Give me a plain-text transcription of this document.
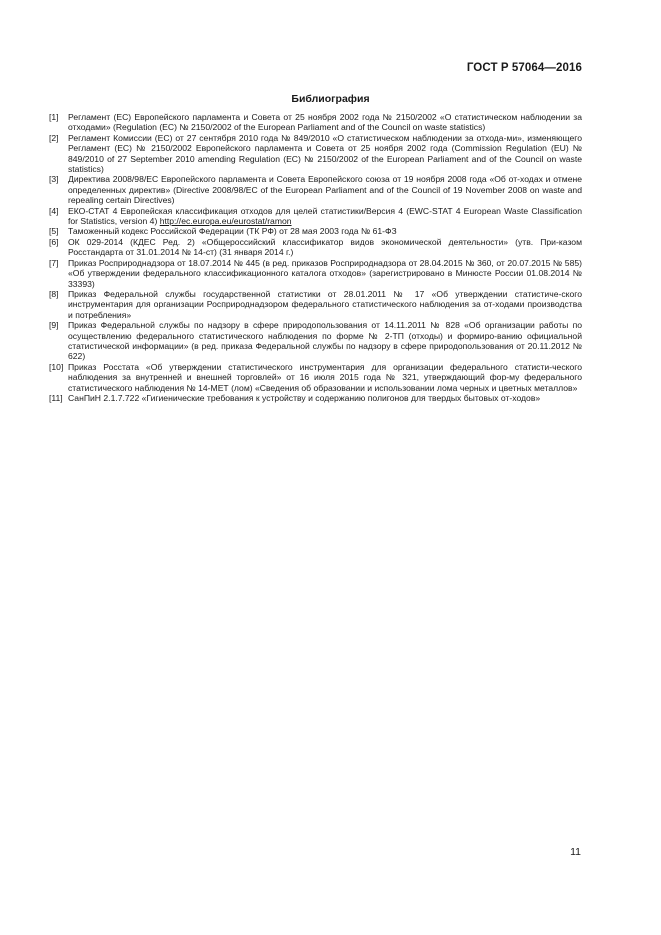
ГОСТ Р 57064—2016
Библиография
[1]	Регламент (ЕС) Европейского парламента и Совета от 25 ноября 2002 года № 2150/2002 «О статистическом наблюдении за отходами» (Regulation (EC) № 2150/2002 of the European Parliament and of the Council on waste statistics)
[2]	Регламент Комиссии (ЕС) от 27 сентября 2010 года № 849/2010 «О статистическом наблюдении за отхода-ми», изменяющего Регламент (ЕС) № 2150/2002 Европейского парламента и Совета от 25 ноября 2002 года (Commission Regulation (EU) № 849/2010 of 27 September 2010 amending Regulation (EC) № 2150/2002 of the European Parliament and of the Council on waste statistics)
[3]	Директива 2008/98/ЕС Европейского парламента и Совета Европейского союза от 19 ноября 2008 года «Об от-ходах и отмене определенных директив» (Directive 2008/98/EC of the European Parliament and of the Council of 19 November 2008 on waste and repealing certain Directives)
[4]	ЕКО-СТАТ 4 Европейская классификация отходов для целей статистики/Версия 4 (EWC-STAT 4 European Waste Classification for Statistics, version 4) http://ec.europa.eu/eurostat/ramon
[5]	Таможенный кодекс Российской Федерации (ТК РФ) от 28 мая 2003 года № 61-ФЗ
[6]	ОК 029-2014 (КДЕС Ред. 2) «Общероссийский классификатор видов экономической деятельности» (утв. При-казом Росстандарта от 31.01.2014 № 14-ст) (31 января 2014 г.)
[7]	Приказ Росприроднадзора от 18.07.2014 № 445 (в ред. приказов Росприроднадзора от 28.04.2015 № 360, от 20.07.2015 № 585) «Об утверждении федерального классификационного каталога отходов» (зарегистрировано в Минюсте России 01.08.2014 № 33393)
[8]	Приказ Федеральной службы государственной статистики от 28.01.2011 № 17 «Об утверждении статистиче-ского инструментария для организации Росприроднадзором федерального статистического наблюдения за от-ходами производства и потребления»
[9]	Приказ Федеральной службы по надзору в сфере природопользования от 14.11.2011 № 828 «Об организации работы по осуществлению федерального статистического наблюдения по форме № 2-ТП (отходы) и формиро-ванию официальной статистической информации» (в ред. приказа Федеральной службы по надзору в сфере природопользования от 20.11.2012 № 622)
[10] Приказ Росстата «Об утверждении статистического инструментария для организации федерального статисти-ческого наблюдения за внутренней и внешней торговлей» от 16 июля 2015 года № 321, утверждающий фор-му федерального статистического наблюдения № 14-МЕТ (лом) «Сведения об образовании и использовании лома черных и цветных металлов»
[11] СанПиН 2.1.7.722 «Гигиенические требования к устройству и содержанию полигонов для твердых бытовых от-ходов»
11
